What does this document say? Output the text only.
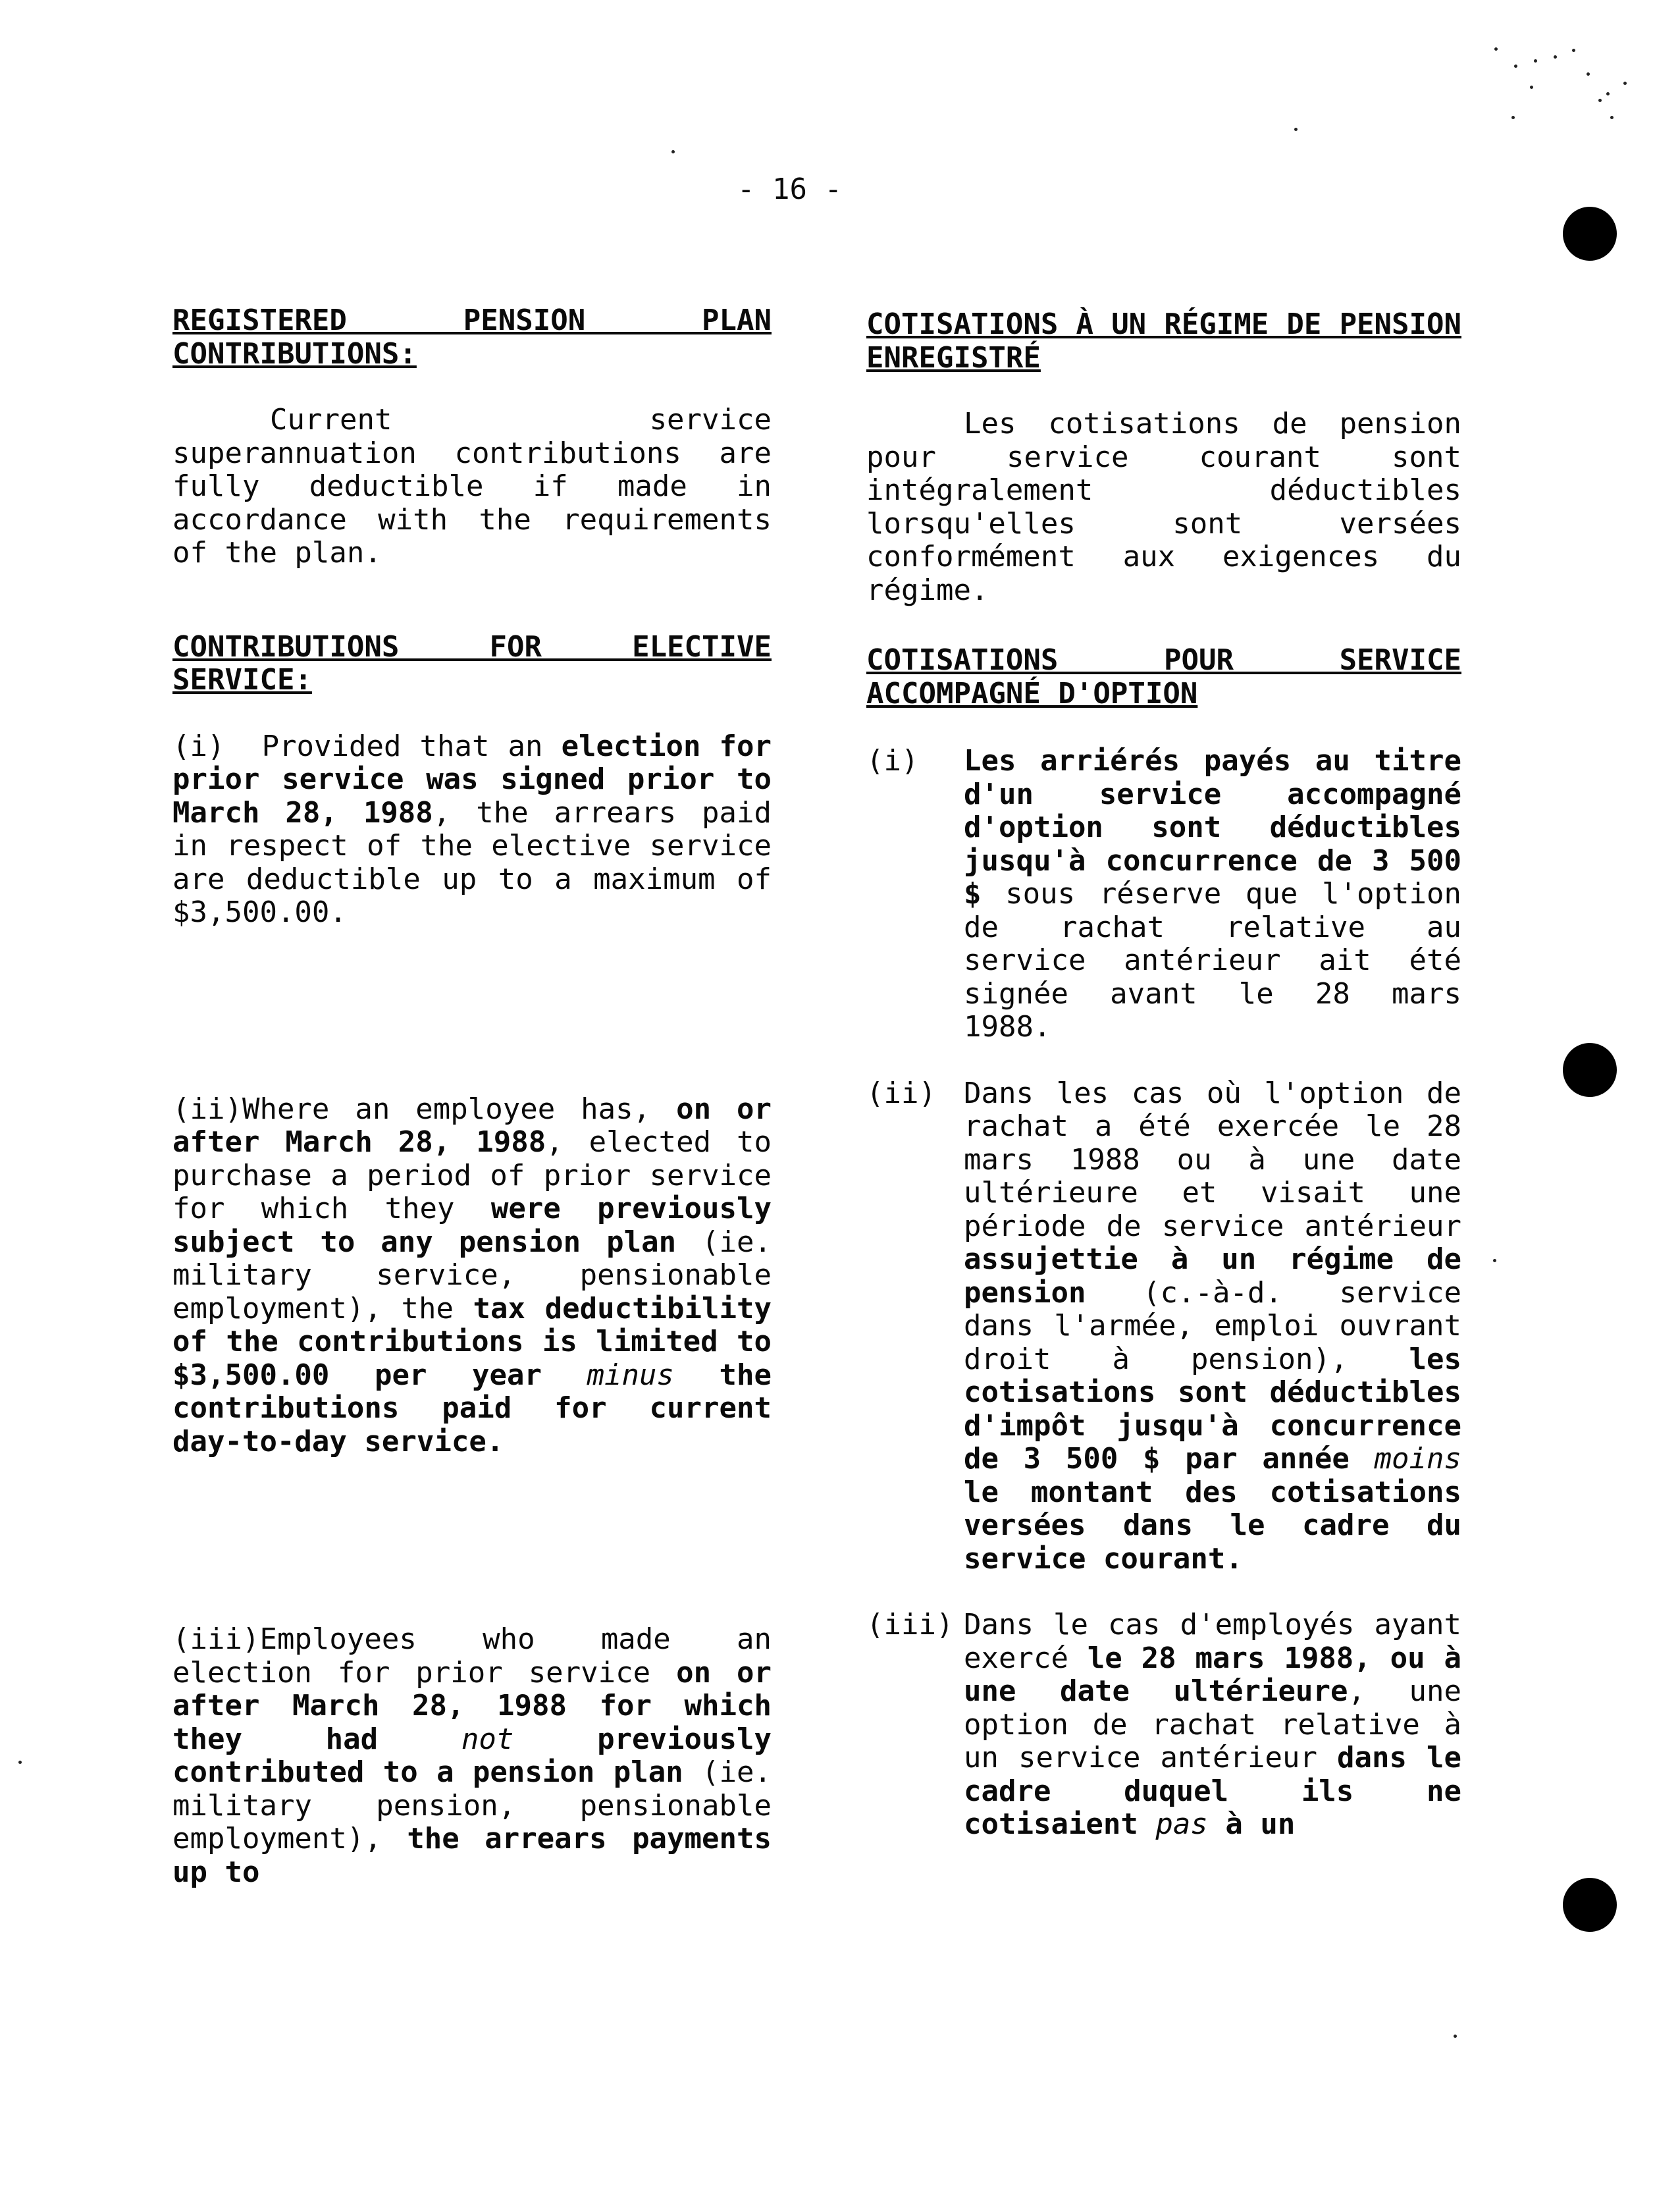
- 16 -
REGISTERED PENSION PLAN CONTRIBUTIONS:
Current service superannuation contributions are fully deductible if made in accordance with the requirements of the plan.
CONTRIBUTIONS FOR ELECTIVE SERVICE:
(i) Provided that an election for prior service was signed prior to March 28, 1988, the arrears paid in respect of the elective service are deductible up to a maximum of $3,500.00.
(ii)Where an employee has, on or after March 28, 1988, elected to purchase a period of prior service for which they were previously subject to any pension plan (ie. military service, pensionable employment), the tax deductibility of the contributions is limited to $3,500.00 per year minus the contributions paid for current day-to-day service.
(iii)Employees who made an election for prior service on or after March 28, 1988 for which they had not previously contributed to a pension plan (ie. military pension, pensionable employment), the arrears payments up to
COTISATIONS À UN RÉGIME DE PENSION ENREGISTRÉ
Les cotisations de pension pour service courant sont intégralement déductibles lorsqu'elles sont versées conformément aux exigences du régime.
COTISATIONS POUR SERVICE ACCOMPAGNÉ D'OPTION
(i)	Les arriérés payés au titre d'un service accompagné d'option sont déductibles jusqu'à concurrence de 3 500 $ sous réserve que l'option de rachat relative au service antérieur ait été signée avant le 28 mars 1988.
(ii) Dans les cas où l'option de rachat a été exercée le 28 mars 1988 ou à une date ultérieure et visait une période de service antérieur assujettie à un régime de pension (c.-à-d. service dans l'armée, emploi ouvrant droit à pension), les cotisations sont déductibles d'impôt jusqu'à concurrence de 3 500 $ par année moins le montant des cotisations versées dans le cadre du service courant.
(iii) Dans le cas d'employés ayant exercé le 28 mars 1988, ou à une date ultérieure, une option de rachat relative à un service antérieur dans le cadre duquel ils ne cotisaient pas à un
